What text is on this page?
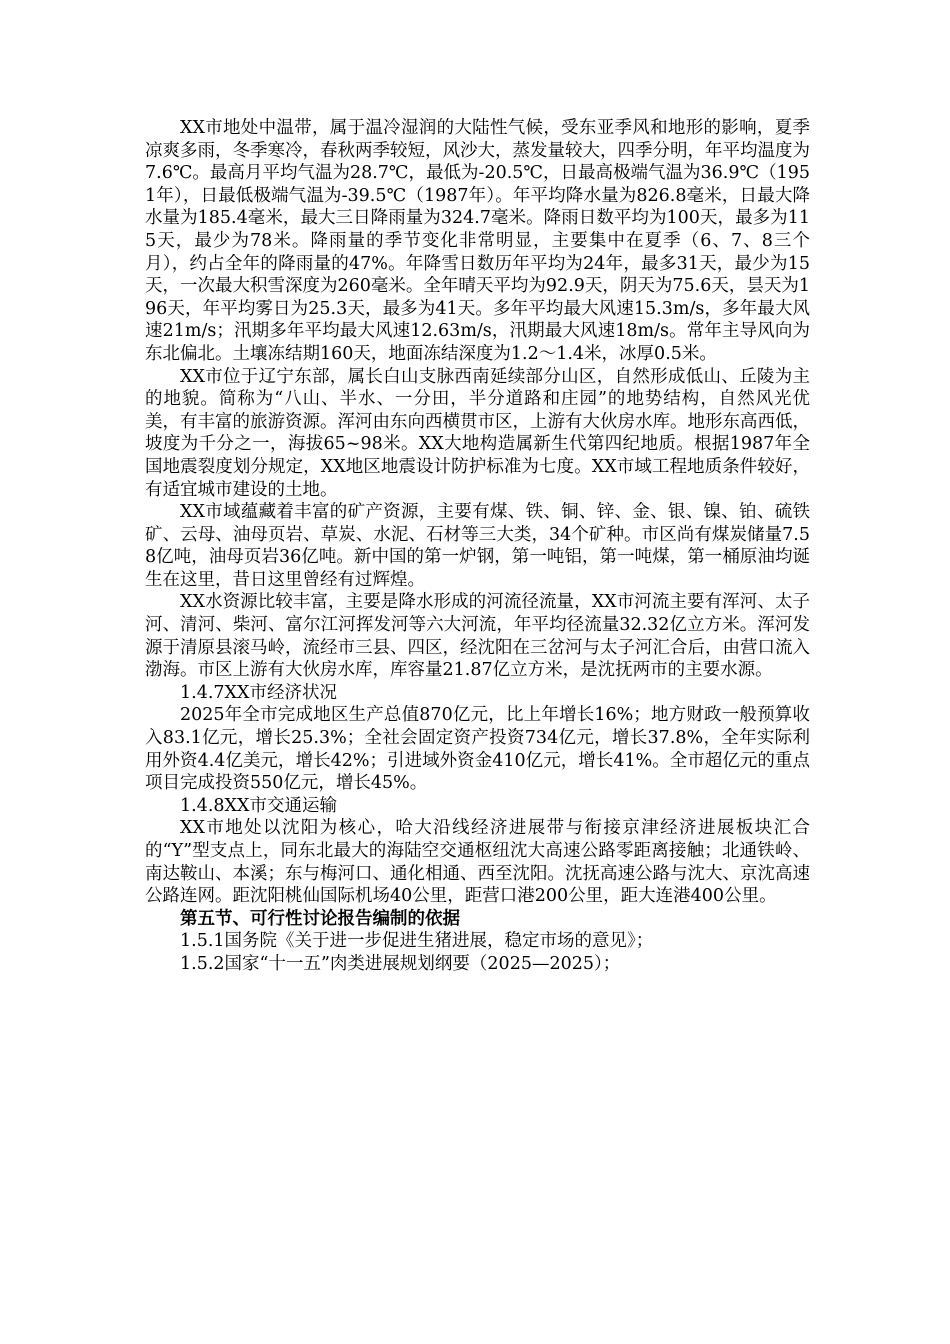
XX市地处中温带，属于温冷湿润的大陆性气候，受东亚季风和地形的影响，夏季凉爽多雨，冬季寒冷，春秋两季较短，风沙大，蒸发量较大，四季分明，年平均温度为7.6℃。最高月平均气温为28.7℃，最低为-20.5℃，日最高极端气温为36.9℃（1951年），日最低极端气温为-39.5℃（1987年）。年平均降水量为826.8毫米，日最大降水量为185.4毫米，最大三日降雨量为324.7毫米。降雨日数平均为100天，最多为115天，最少为78米。降雨量的季节变化非常明显，主要集中在夏季（6、7、8三个月），约占全年的降雨量的47%。年降雪日数历年平均为24年，最多31天，最少为15天，一次最大积雪深度为260毫米。全年晴天平均为92.9天，阴天为75.6天，昙天为196天，年平均雾日为25.3天，最多为41天。多年平均最大风速15.3m/s，多年最大风速21m/s；汛期多年平均最大风速12.63m/s，汛期最大风速18m/s。常年主导风向为东北偏北。土壤冻结期160天，地面冻结深度为1.2～1.4米，冰厚0.5米。

XX市位于辽宁东部，属长白山支脉西南延续部分山区，自然形成低山、丘陵为主的地貌。简称为“八山、半水、一分田，半分道路和庄园”的地势结构，自然风光优美，有丰富的旅游资源。浑河由东向西横贯市区，上游有大伙房水库。地形东高西低，坡度为千分之一，海拔65~98米。XX大地构造属新生代第四纪地质。根据1987年全国地震裂度划分规定，XX地区地震设计防护标准为七度。XX市域工程地质条件较好，有适宜城市建设的土地。

XX市域蕴藏着丰富的矿产资源，主要有煤、铁、铜、锌、金、银、镍、铂、硫铁矿、云母、油母页岩、草炭、水泥、石材等三大类，34个矿种。市区尚有煤炭储量7.58亿吨，油母页岩36亿吨。新中国的第一炉钢，第一吨铝，第一吨煤，第一桶原油均诞生在这里，昔日这里曾经有过辉煌。

XX水资源比较丰富，主要是降水形成的河流径流量，XX市河流主要有浑河、太子河、清河、柴河、富尔江河挥发河等六大河流，年平均径流量32.32亿立方米。浑河发源于清原县滚马岭，流经市三县、四区，经沈阳在三岔河与太子河汇合后，由营口流入渤海。市区上游有大伙房水库，库容量21.87亿立方米，是沈抚两市的主要水源。

1.4.7XX市经济状况

2025年全市完成地区生产总值870亿元，比上年增长16%；地方财政一般预算收入83.1亿元，增长25.3%；全社会固定资产投资734亿元，增长37.8%，全年实际利用外资4.4亿美元，增长42%；引进域外资金410亿元，增长41%。全市超亿元的重点项目完成投资550亿元，增长45%。

1.4.8XX市交通运输

XX市地处以沈阳为核心，哈大沿线经济进展带与衔接京津经济进展板块汇合的“Y”型支点上，同东北最大的海陆空交通枢纽沈大高速公路零距离接触；北通铁岭、南达鞍山、本溪；东与梅河口、通化相通、西至沈阳。沈抚高速公路与沈大、京沈高速公路连网。距沈阳桃仙国际机场40公里，距营口港200公里，距大连港400公里。

第五节、可行性讨论报告编制的依据

1.5.1国务院《关于进一步促进生猪进展，稳定市场的意见》；

1.5.2国家“十一五”肉类进展规划纲要（2025—2025）；
